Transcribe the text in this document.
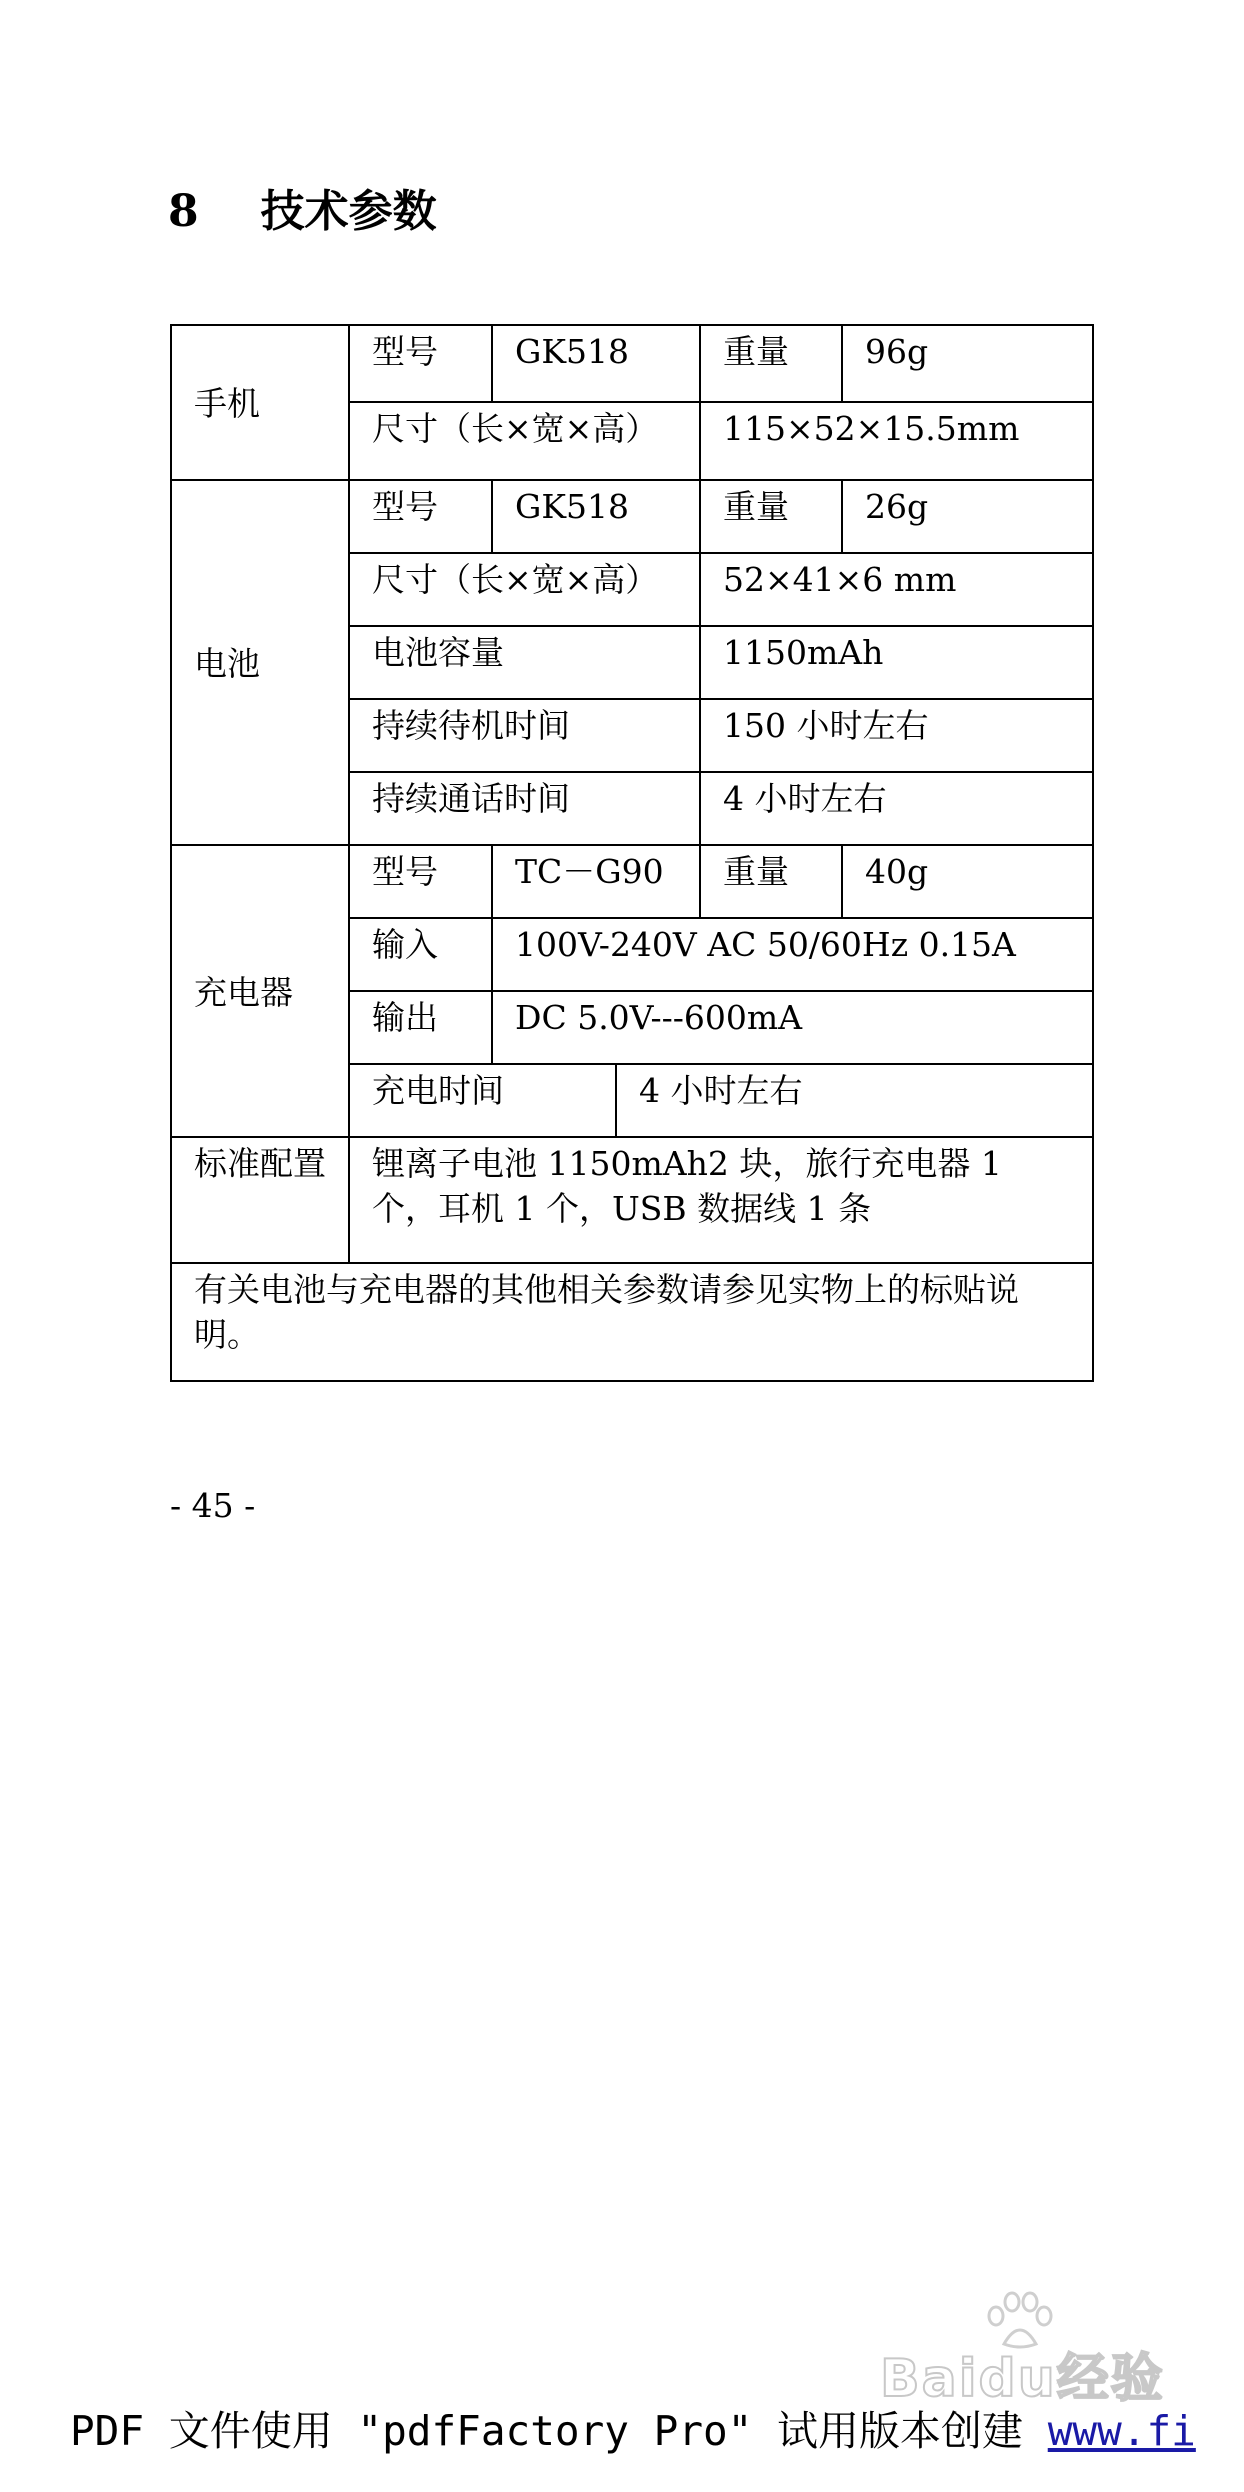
8 技术参数
手机	型号	GK518		重量	96g
	尺寸（长×宽×高）			115×52×15.5mm	
电池	型号	GK518		重量	26g
	尺寸（长×宽×高）			52×41×6 mm	
	电池容量			1150mAh	
	持续待机时间			150 小时左右	
	持续通话时间			4 小时左右	
充电器	型号	TC－G90		重量	40g
	输入	100V-240V AC 50/60Hz 0.15A			
	输出	DC 5.0V---600mA			
	充电时间		4 小时左右		
标准配置	锂离子电池 1150mAh2 块，旅行充电器 1 个，耳机 1 个，USB 数据线 1 条				
有关电池与充电器的其他相关参数请参见实物上的标贴说明。					
- 45 -
Baidu经验
PDF 文件使用 "pdfFactory Pro" 试用版本创建 www.fi
